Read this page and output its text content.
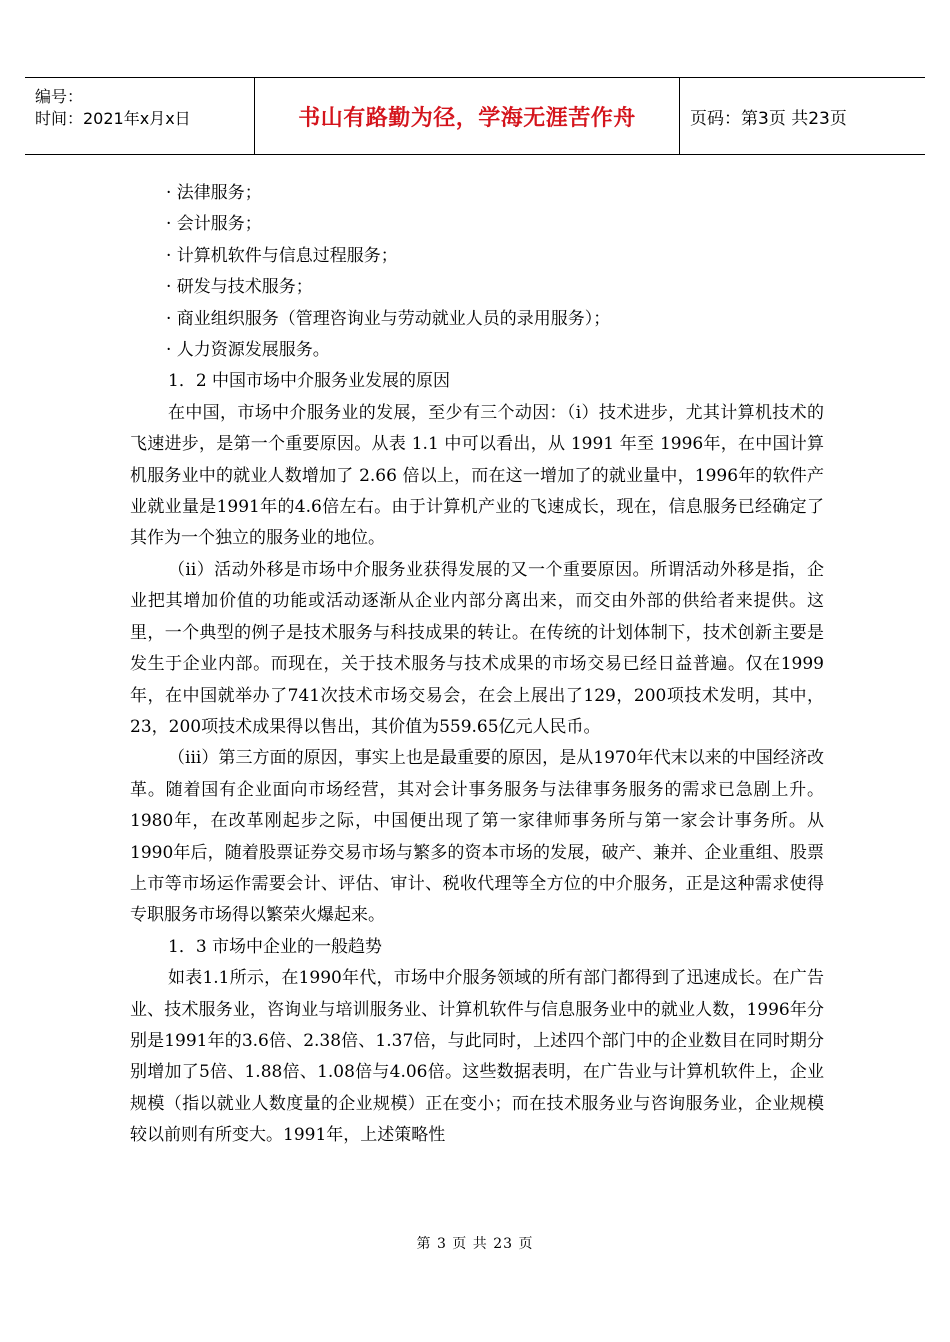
编号：
时间：2021年x月x日	书山有路勤为径，学海无涯苦作舟	页码：第3页 共23页
· 法律服务；
· 会计服务；
· 计算机软件与信息过程服务；
· 研发与技术服务；
· 商业组织服务（管理咨询业与劳动就业人员的录用服务）；
· 人力资源发展服务。
1．2 中国市场中介服务业发展的原因

在中国，市场中介服务业的发展，至少有三个动因：（i）技术进步，尤其计算机技术的飞速进步，是第一个重要原因。从表 1.1 中可以看出，从 1991 年至 1996年，在中国计算机服务业中的就业人数增加了 2.66 倍以上，而在这一增加了的就业量中，1996年的软件产业就业量是1991年的4.6倍左右。由于计算机产业的飞速成长，现在，信息服务已经确定了其作为一个独立的服务业的地位。

（ii）活动外移是市场中介服务业获得发展的又一个重要原因。所谓活动外移是指，企业把其增加价值的功能或活动逐渐从企业内部分离出来，而交由外部的供给者来提供。这里，一个典型的例子是技术服务与科技成果的转让。在传统的计划体制下，技术创新主要是发生于企业内部。而现在，关于技术服务与技术成果的市场交易已经日益普遍。仅在1999年，在中国就举办了741次技术市场交易会，在会上展出了129，200项技术发明，其中，23，200项技术成果得以售出，其价值为559.65亿元人民币。

（iii）第三方面的原因，事实上也是最重要的原因，是从1970年代末以来的中国经济改革。随着国有企业面向市场经营，其对会计事务服务与法律事务服务的需求已急剧上升。1980年，在改革刚起步之际，中国便出现了第一家律师事务所与第一家会计事务所。从1990年后，随着股票证券交易市场与繁多的资本市场的发展，破产、兼并、企业重组、股票上市等市场运作需要会计、评估、审计、税收代理等全方位的中介服务，正是这种需求使得专职服务市场得以繁荣火爆起来。

1．3 市场中企业的一般趋势

如表1.1所示，在1990年代，市场中介服务领域的所有部门都得到了迅速成长。在广告业、技术服务业，咨询业与培训服务业、计算机软件与信息服务业中的就业人数，1996年分别是1991年的3.6倍、2.38倍、1.37倍，与此同时，上述四个部门中的企业数目在同时期分别增加了5倍、1.88倍、1.08倍与4.06倍。这些数据表明，在广告业与计算机软件上，企业规模（指以就业人数度量的企业规模）正在变小；而在技术服务业与咨询服务业，企业规模较以前则有所变大。1991年，上述策略性

第 3 页 共 23 页
